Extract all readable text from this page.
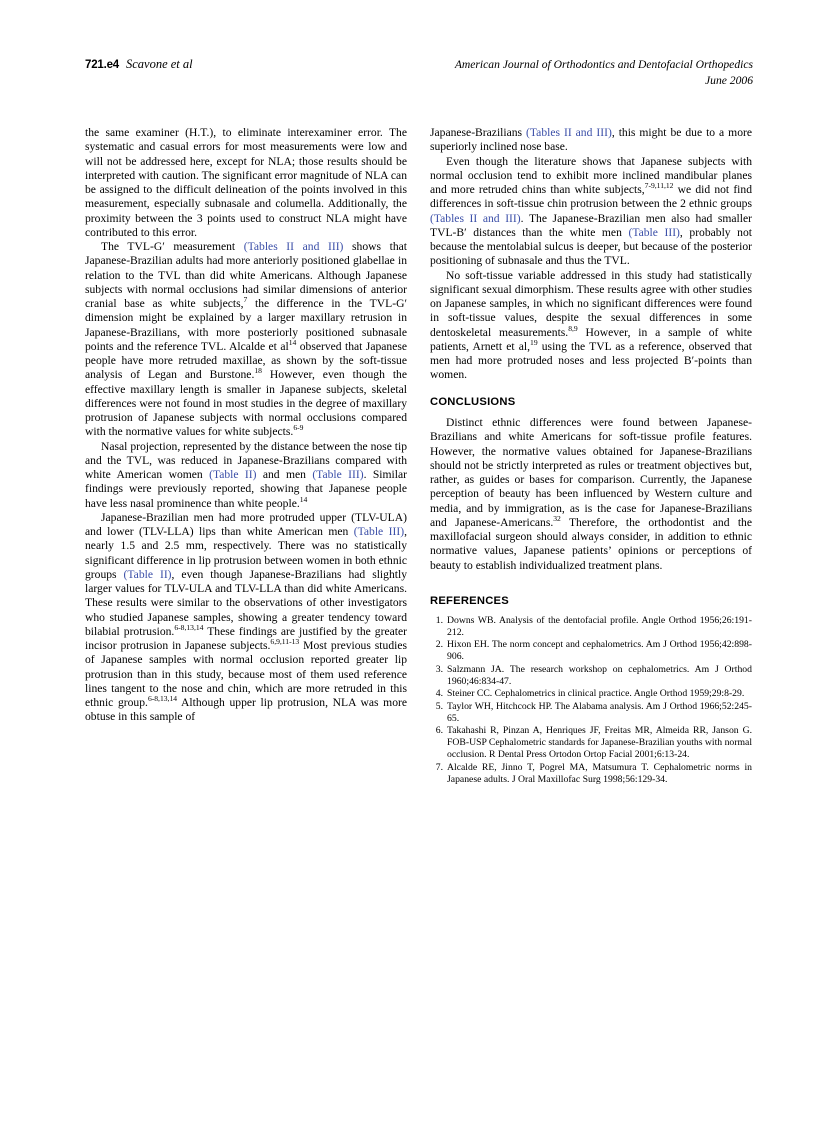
721.e4 Scavone et al	American Journal of Orthodontics and Dentofacial Orthopedics
June 2006

the same examiner (H.T.), to eliminate interexaminer error. The systematic and casual errors for most measurements were low and will not be addressed here, except for NLA; those results should be interpreted with caution. The significant error magnitude of NLA can be assigned to the difficult delineation of the points involved in this measurement, especially subnasale and columella. Additionally, the proximity between the 3 points used to construct NLA might have contributed to this error.

The TVL-G′ measurement (Tables II and III) shows that Japanese-Brazilian adults had more anteriorly positioned glabellae in relation to the TVL than did white Americans. Although Japanese subjects with normal occlusions had similar dimensions of anterior cranial base as white subjects,$^7$ the difference in the TVL-G′ dimension might be explained by a larger maxillary retrusion in Japanese-Brazilians, with more posteriorly positioned subnasale points and the reference TVL. Alcalde et $al^{14}$ observed that Japanese people have more retruded maxillae, as shown by the soft-tissue analysis of Legan and Burstone.$^{18}$ However, even though the effective maxillary length is smaller in Japanese subjects, skeletal differences were not found in most studies in the degree of maxillary protrusion of Japanese subjects with normal occlusions compared with the normative values for white subjects.$^{6-9}$

Nasal projection, represented by the distance between the nose tip and the TVL, was reduced in Japanese-Brazilians compared with white American women (Table II) and men (Table III). Similar findings were previously reported, showing that Japanese people have less nasal prominence than white people.$^{14}$

Japanese-Brazilian men had more protruded upper (TLV-ULA) and lower (TLV-LLA) lips than white American men (Table III), nearly 1.5 and 2.5 mm, respectively. There was no statistically significant difference in lip protrusion between women in both ethnic groups (Table II), even though Japanese-Brazilians had slightly larger values for TLV-ULA and TLV-LLA than did white Americans. These results were similar to the observations of other investigators who studied Japanese samples, showing a greater tendency toward bilabial protrusion.$^{6-8,13,14}$ These findings are justified by the greater incisor protrusion in Japanese subjects.$^{6,9,11-13}$ Most previous studies of Japanese samples with normal occlusion reported greater lip protrusion than in this study, because most of them used reference lines tangent to the nose and chin, which are more retruded in this ethnic group.$^{6-8,13,14}$ Although upper lip protrusion, NLA was more obtuse in this sample of

Japanese-Brazilians (Tables II and III), this might be due to a more superiorly inclined nose base.

Even though the literature shows that Japanese subjects with normal occlusion tend to exhibit more inclined mandibular planes and more retruded chins than white subjects,$^{7-9,11,12}$ we did not find differences in soft-tissue chin protrusion between the 2 ethnic groups (Tables II and III). The Japanese-Brazilian men also had smaller TVL-B′ distances than the white men (Table III), probably not because the mentolabial sulcus is deeper, but because of the posterior positioning of subnasale and thus the TVL.

No soft-tissue variable addressed in this study had statistically significant sexual dimorphism. These results agree with other studies on Japanese samples, in which no significant differences were found in soft-tissue values, despite the sexual differences in some dentoskeletal measurements.$^{8,9}$ However, in a sample of white patients, Arnett et al,$^{19}$ using the TVL as a reference, observed that men had more protruded noses and less projected B′-points than women.

CONCLUSIONS

Distinct ethnic differences were found between Japanese-Brazilians and white Americans for soft-tissue profile features. However, the normative values obtained for Japanese-Brazilians should not be strictly interpreted as rules or treatment objectives but, rather, as guides or bases for comparison. Currently, the Japanese perception of beauty has been influenced by Western culture and media, and by immigration, as is the case for Japanese-Brazilians and Japanese-Americans.$^{32}$ Therefore, the orthodontist and the maxillofacial surgeon should always consider, in addition to ethnic normative values, Japanese patients’ opinions or perceptions of beauty to establish individualized treatment plans.

REFERENCES
1. Downs WB. Analysis of the dentofacial profile. Angle Orthod 1956;26:191-212.
2. Hixon EH. The norm concept and cephalometrics. Am J Orthod 1956;42:898-906.
3. Salzmann JA. The research workshop on cephalometrics. Am J Orthod 1960;46:834-47.
4. Steiner CC. Cephalometrics in clinical practice. Angle Orthod 1959;29:8-29.
5. Taylor WH, Hitchcock HP. The Alabama analysis. Am J Orthod 1966;52:245-65.
6. Takahashi R, Pinzan A, Henriques JF, Freitas MR, Almeida RR, Janson G. FOB-USP Cephalometric standards for Japanese-Brazilian youths with normal occlusion. R Dental Press Ortodon Ortop Facial 2001;6:13-24.
7. Alcalde RE, Jinno T, Pogrel MA, Matsumura T. Cephalometric norms in Japanese adults. J Oral Maxillofac Surg 1998;56:129-34.
